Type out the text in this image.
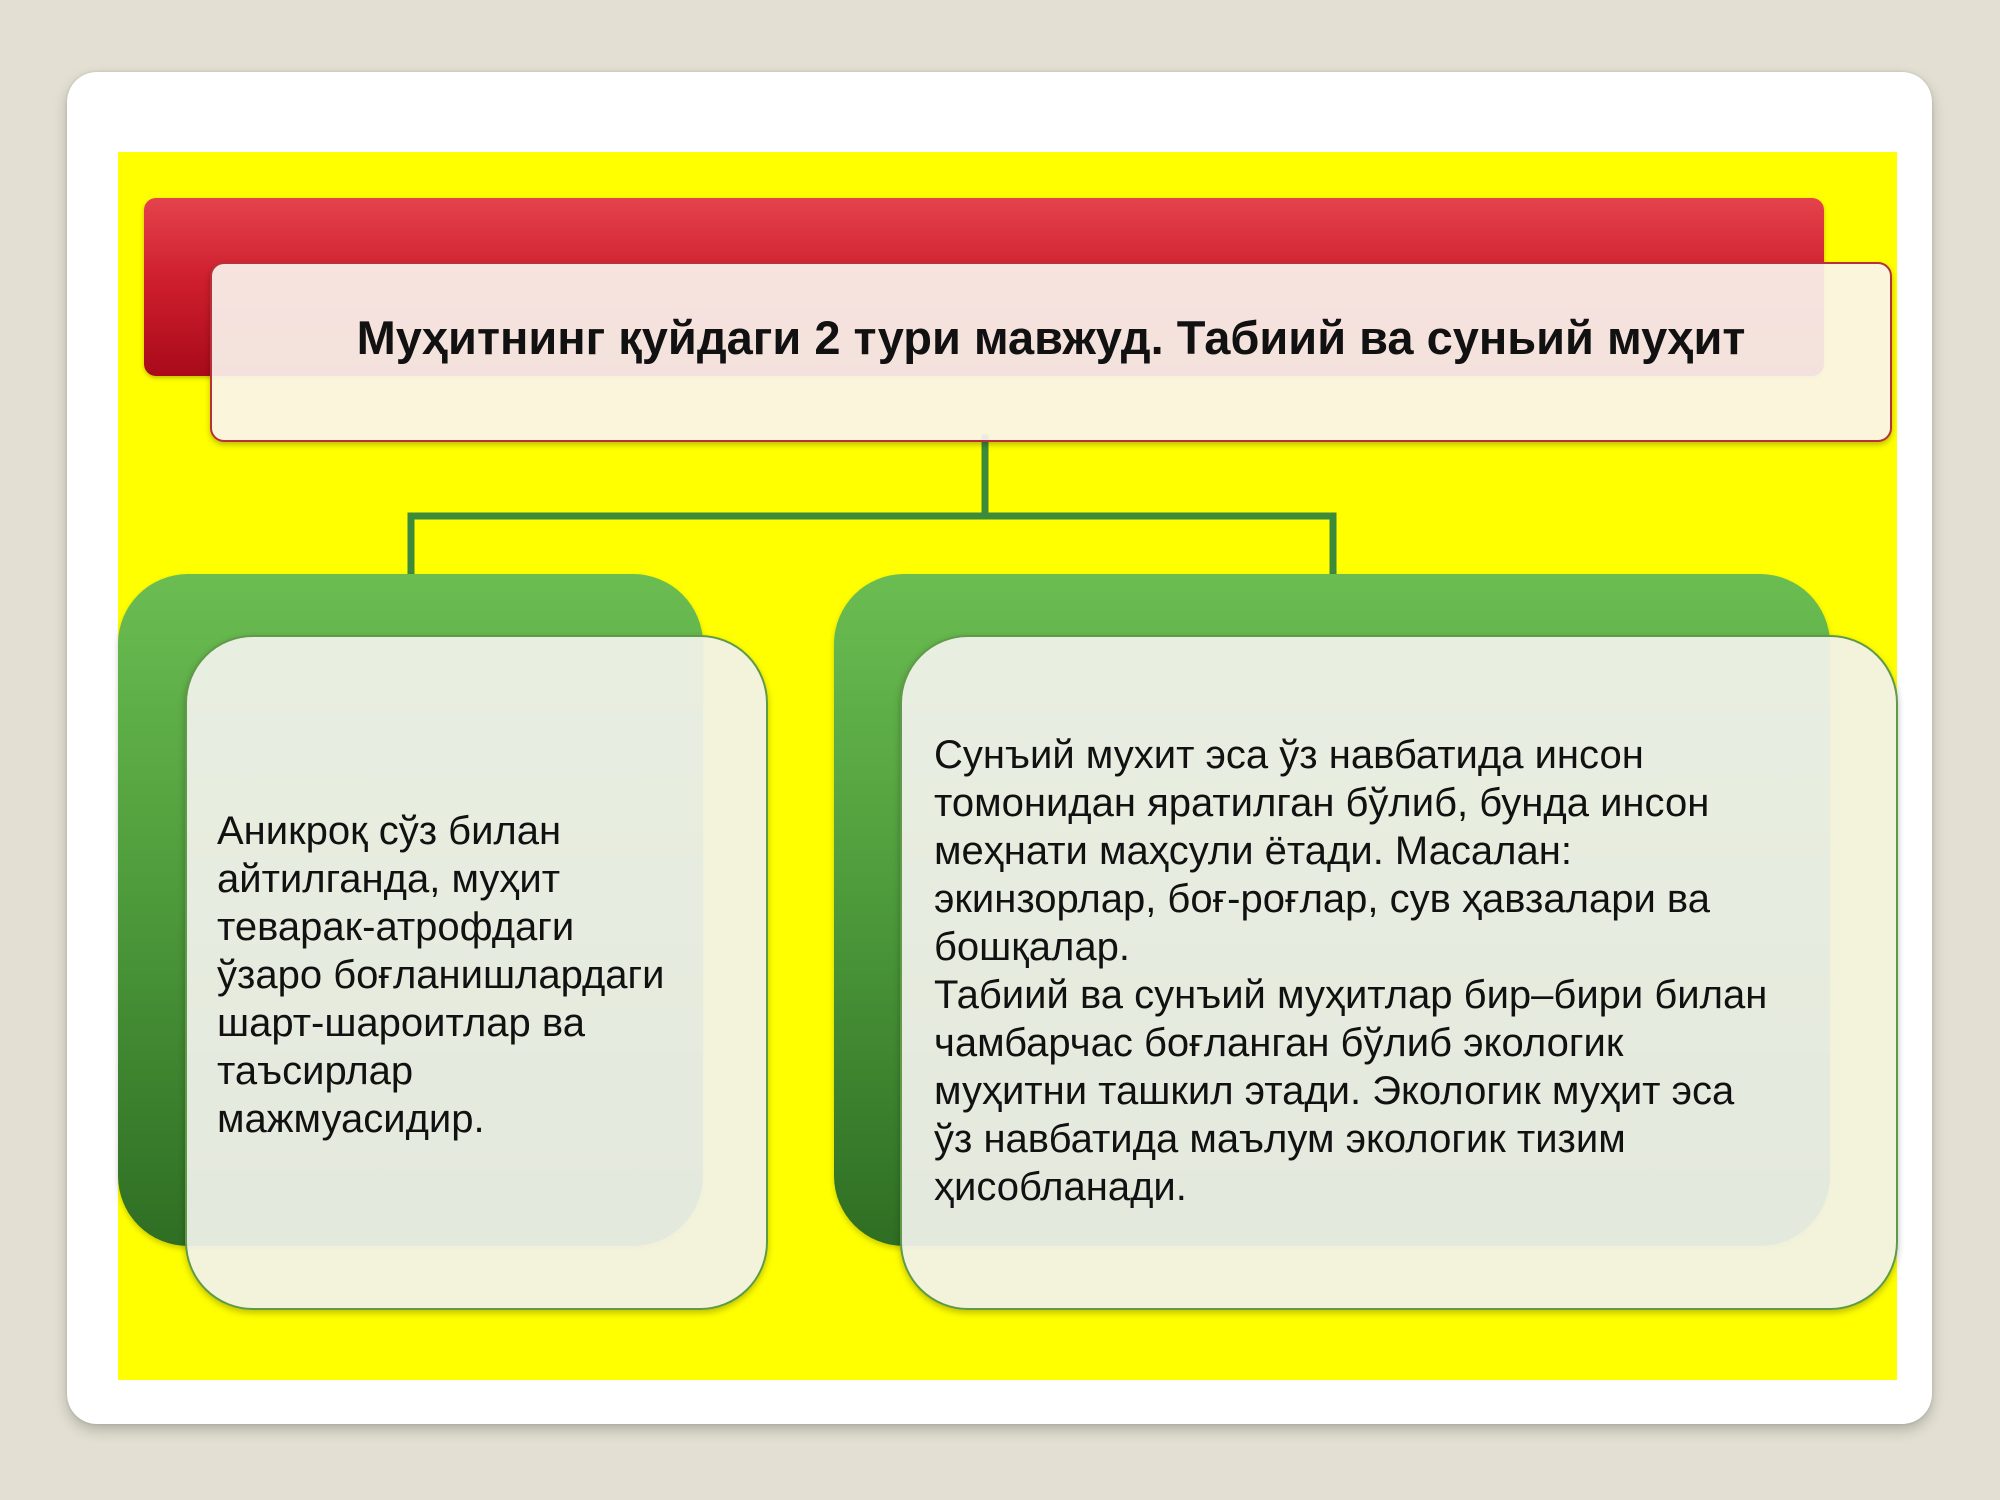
Муҳитнинг қуйдаги 2 тури мавжуд. Табиий ва суньий муҳит
Аникроқ сўз билан
айтилганда, муҳит
теварак-атрофдаги
ўзаро боғланишлардаги
шарт-шароитлар ва
таъсирлар
мажмуасидир.
Сунъий мухит эса ўз навбатида инсон
томонидан яратилган бўлиб, бунда инсон
меҳнати маҳсули ётади. Масалан:
экинзорлар, боғ-роғлар, сув ҳавзалари ва
бошқалар.
Табиий ва сунъий муҳитлар бир–бири билан
чамбарчас боғланган бўлиб экологик
муҳитни ташкил этади. Экологик муҳит эса
ўз навбатида маълум экологик тизим
ҳисобланади.
